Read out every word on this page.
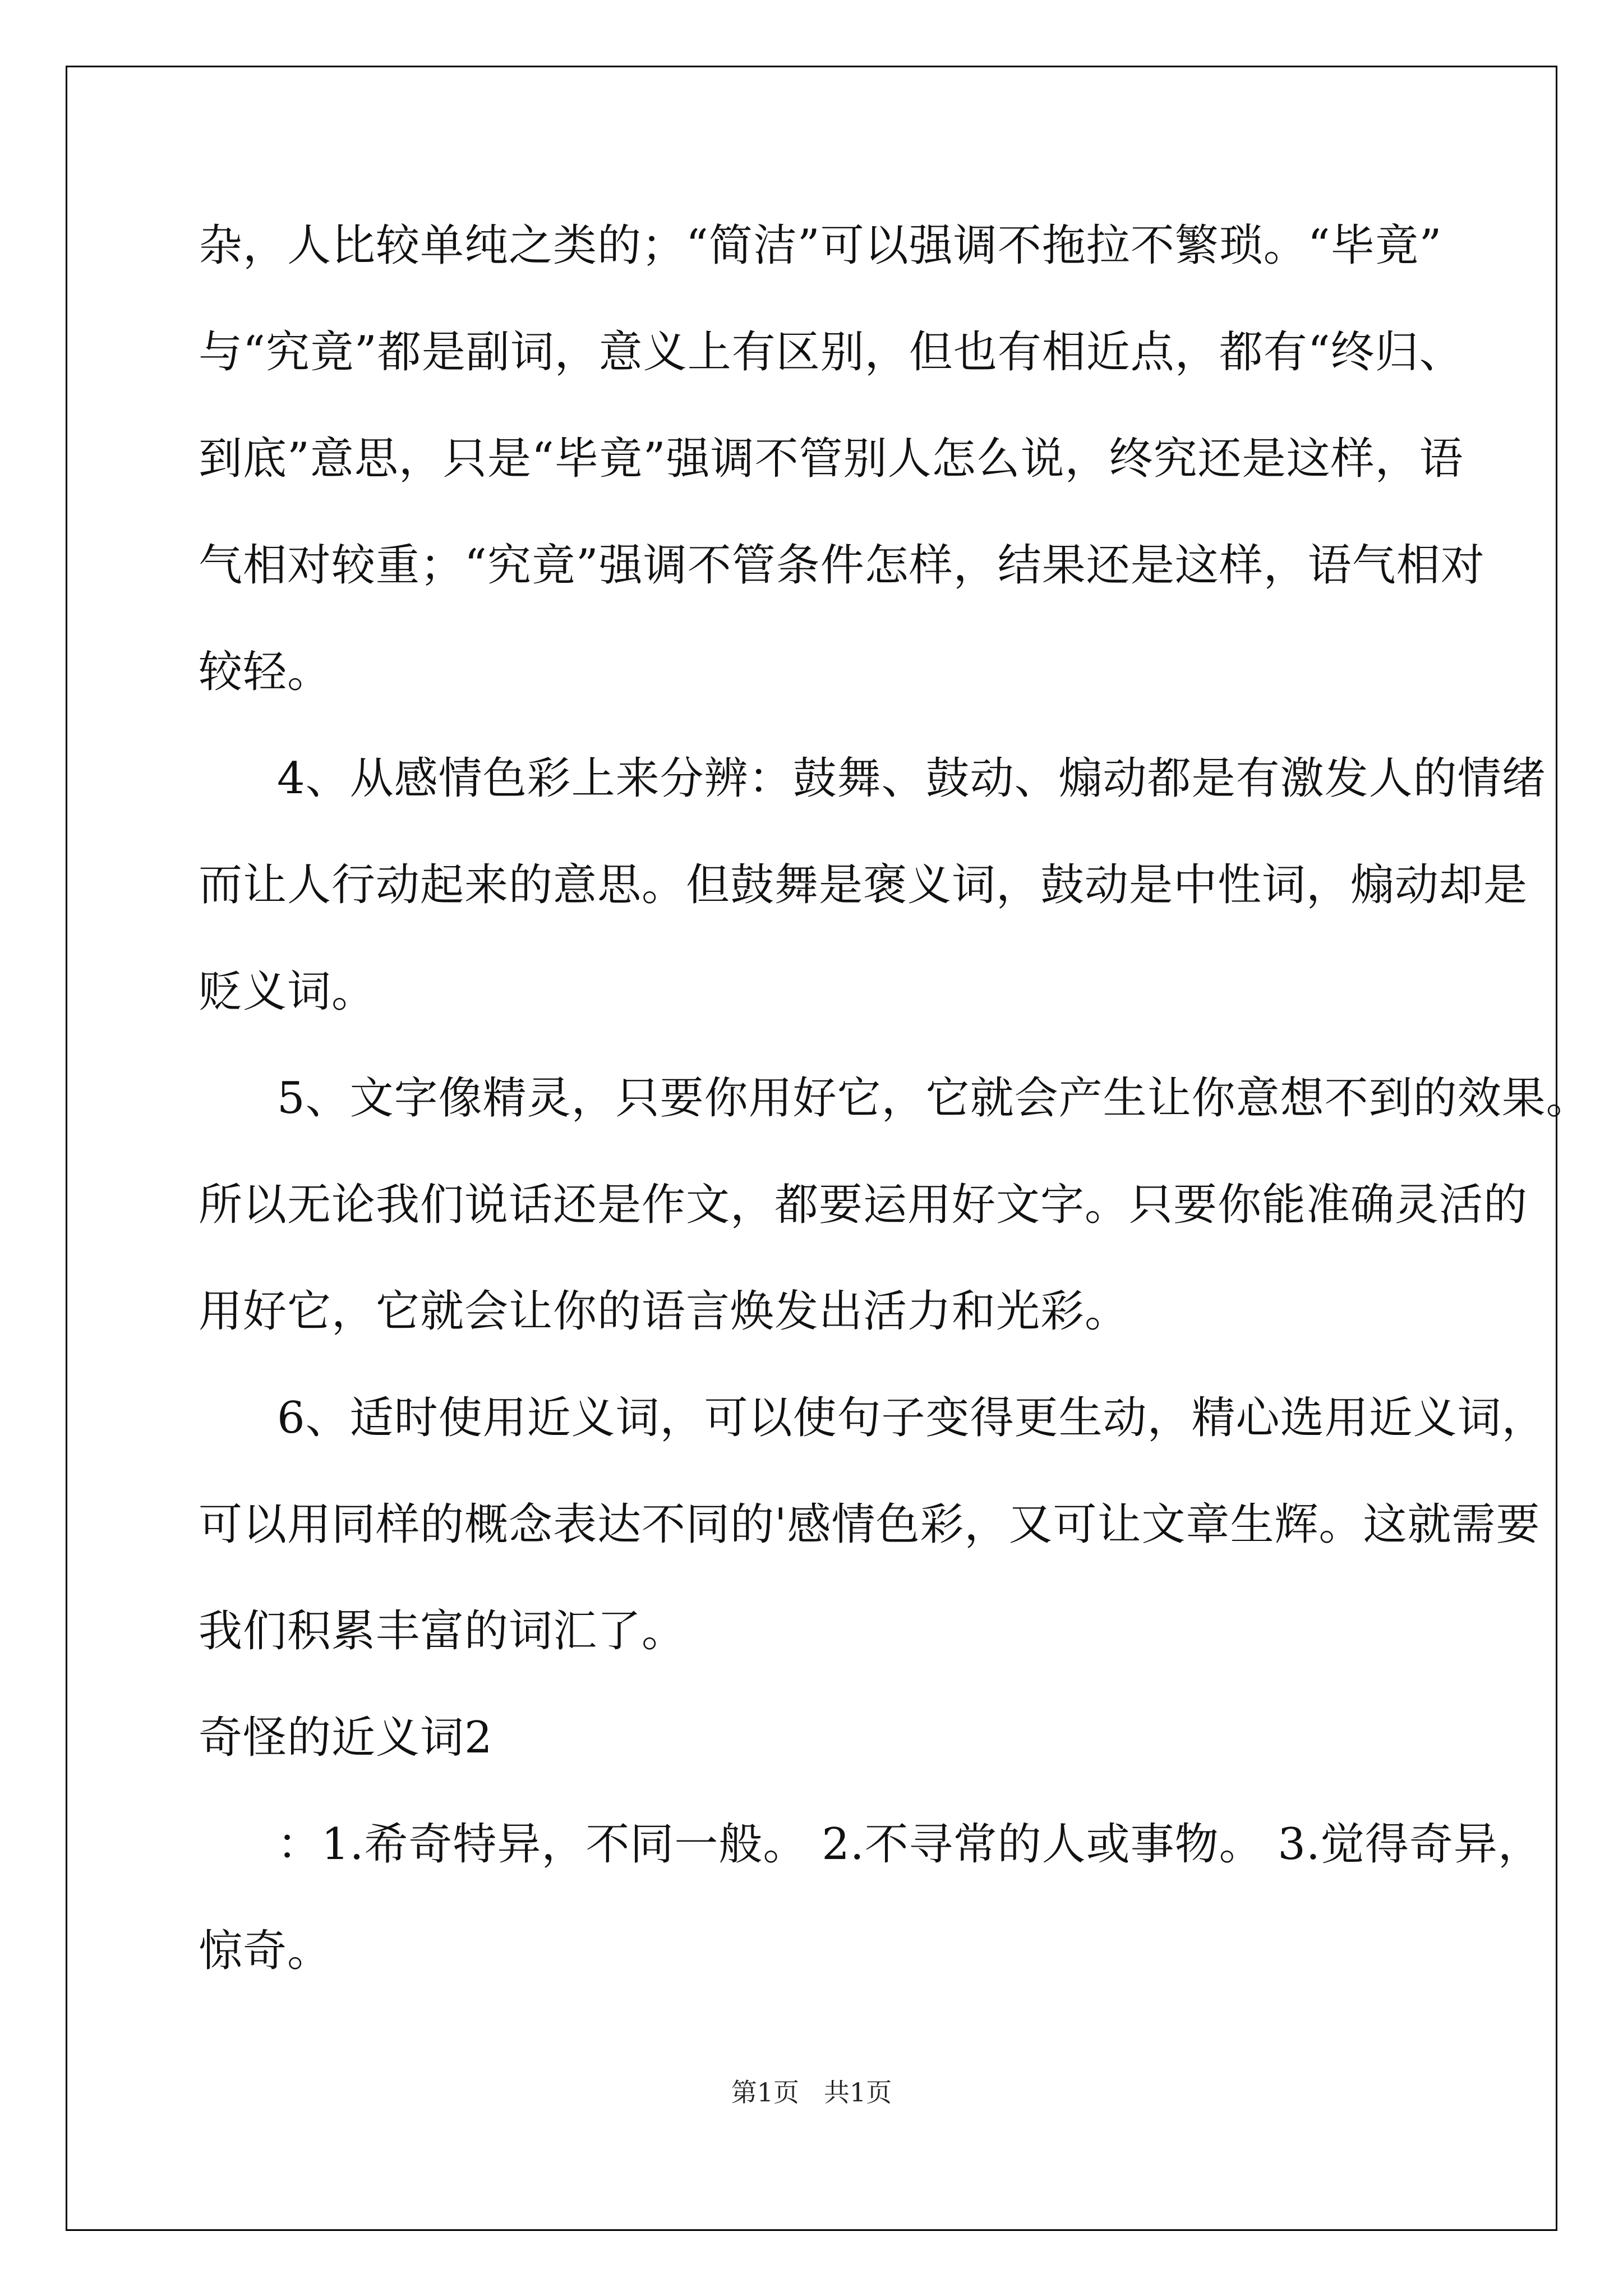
杂，人比较单纯之类的；“简洁”可以强调不拖拉不繁琐。“毕竟”
与“究竟”都是副词，意义上有区别，但也有相近点，都有“终归、
到底”意思，只是“毕竟”强调不管别人怎么说，终究还是这样，语
气相对较重；“究竟”强调不管条件怎样，结果还是这样，语气相对
较轻。
4、从感情色彩上来分辨：鼓舞、鼓动、煽动都是有激发人的情绪
而让人行动起来的意思。但鼓舞是褒义词，鼓动是中性词，煽动却是
贬义词。
5、文字像精灵，只要你用好它，它就会产生让你意想不到的效果。
所以无论我们说话还是作文，都要运用好文字。只要你能准确灵活的
用好它，它就会让你的语言焕发出活力和光彩。
6、适时使用近义词，可以使句子变得更生动，精心选用近义词，
可以用同样的概念表达不同的'感情色彩，又可让文章生辉。这就需要
我们积累丰富的词汇了。
奇怪的近义词2
：1.希奇特异，不同一般。 2.不寻常的人或事物。 3.觉得奇异，
惊奇。
第1页 共1页
